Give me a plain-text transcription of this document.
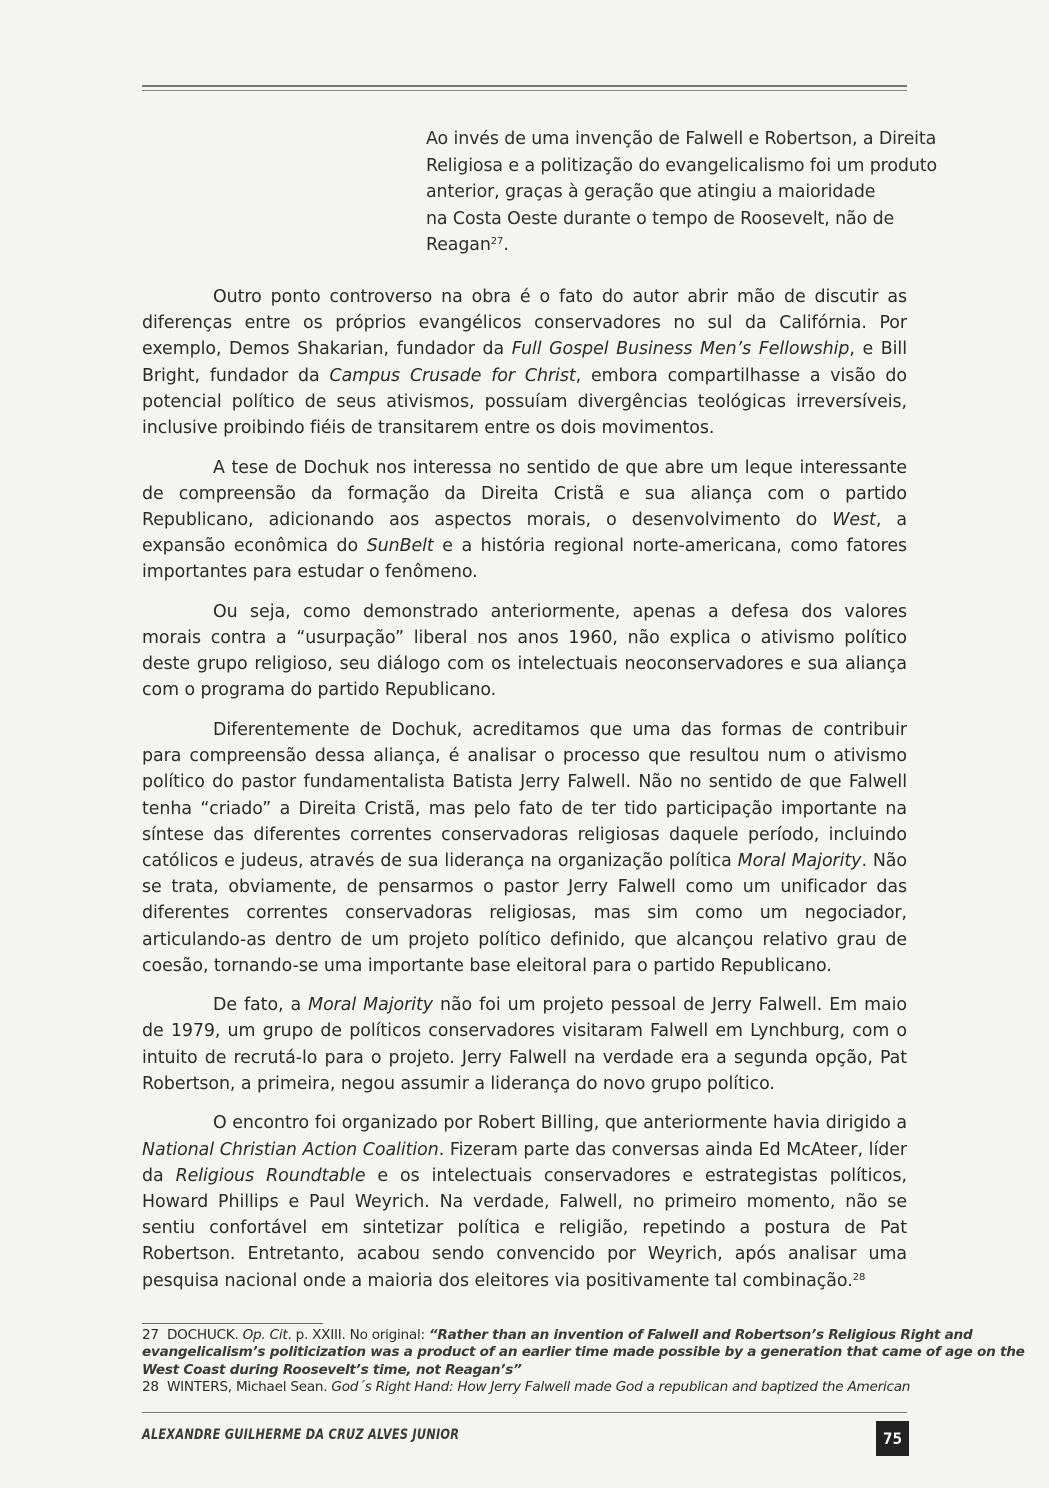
Ao invés de uma invenção de Falwell e Robertson, a Direita
Religiosa e a politização do evangelicalismo foi um produto
anterior, graças à geração que atingiu a maioridade
na Costa Oeste durante o tempo de Roosevelt, não de
Reagan$^{27}$.

Outro ponto controverso na obra é o fato do autor abrir mão de discutir as diferenças entre os próprios evangélicos conservadores no sul da Califórnia. Por exemplo, Demos Shakarian, fundador da Full Gospel Business Men’s Fellowship, e Bill Bright, fundador da Campus Crusade for Christ, embora compartilhasse a visão do potencial político de seus ativismos, possuíam divergências teológicas irreversíveis, inclusive proibindo fiéis de transitarem entre os dois movimentos.

A tese de Dochuk nos interessa no sentido de que abre um leque interessante de compreensão da formação da Direita Cristã e sua aliança com o partido Republicano, adicionando aos aspectos morais, o desenvolvimento do West, a expansão econômica do SunBelt e a história regional norte-americana, como fatores importantes para estudar o fenômeno.

Ou seja, como demonstrado anteriormente, apenas a defesa dos valores morais contra a “usurpação” liberal nos anos 1960, não explica o ativismo político deste grupo religioso, seu diálogo com os intelectuais neoconservadores e sua aliança com o programa do partido Republicano.

Diferentemente de Dochuk, acreditamos que uma das formas de contribuir para compreensão dessa aliança, é analisar o processo que resultou num o ativismo político do pastor fundamentalista Batista Jerry Falwell. Não no sentido de que Falwell tenha “criado” a Direita Cristã, mas pelo fato de ter tido participação importante na síntese das diferentes correntes conservadoras religiosas daquele período, incluindo católicos e judeus, através de sua liderança na organização política Moral Majority. Não se trata, obviamente, de pensarmos o pastor Jerry Falwell como um unificador das diferentes correntes conservadoras religiosas, mas sim como um negociador, articulando-as dentro de um projeto político definido, que alcançou relativo grau de coesão, tornando-se uma importante base eleitoral para o partido Republicano.

De fato, a Moral Majority não foi um projeto pessoal de Jerry Falwell. Em maio de 1979, um grupo de políticos conservadores visitaram Falwell em Lynchburg, com o intuito de recrutá-lo para o projeto. Jerry Falwell na verdade era a segunda opção, Pat Robertson, a primeira, negou assumir a liderança do novo grupo político.

O encontro foi organizado por Robert Billing, que anteriormente havia dirigido a National Christian Action Coalition. Fizeram parte das conversas ainda Ed McAteer, líder da Religious Roundtable e os intelectuais conservadores e estrategistas políticos, Howard Phillips e Paul Weyrich. Na verdade, Falwell, no primeiro momento, não se sentiu confortável em sintetizar política e religião, repetindo a postura de Pat Robertson. Entretanto, acabou sendo convencido por Weyrich, após analisar uma pesquisa nacional onde a maioria dos eleitores via positivamente tal combinação.$^{28}$

27 DOCHUCK. Op. Cit. p. XXIII. No original: “Rather than an invention of Falwell and Robertson’s Religious Right and
evangelicalism’s politicization was a product of an earlier time made possible by a generation that came of age on the
West Coast during Roosevelt’s time, not Reagan’s”
28 WINTERS, Michael Sean. God´s Right Hand: How Jerry Falwell made God a republican and baptized the American
ALEXANDRE GUILHERME DA CRUZ ALVES JUNIOR	75
